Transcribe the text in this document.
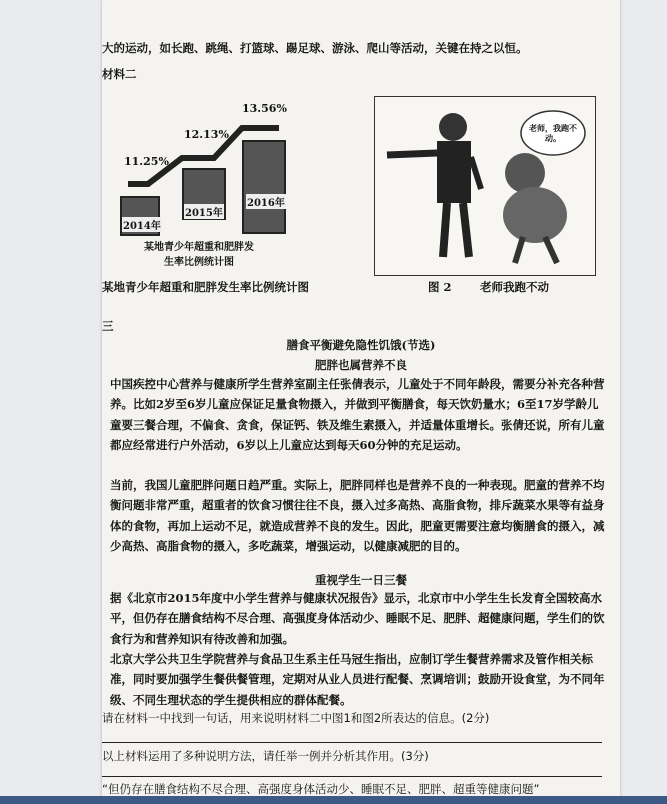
大的运动，如长跑、跳绳、打篮球、踢足球、游泳、爬山等活动，关键在持之以恒。
材料二
2014年
2015年
2016年
11.25%
12.13%
13.56%
某地青少年超重和肥胖发生率比例统计图
某地青少年超重和肥胖发生率比例统计图
老师，我跑不动。
图 2 老师我跑不动
三
膳食平衡避免隐性饥饿(节选)
肥胖也属营养不良
中国疾控中心营养与健康所学生营养室副主任张倩表示，儿童处于不同年龄段，需要分补充各种营养。比如2岁至6岁儿童应保证足量食物摄入，并做到平衡膳食，每天饮奶量水；6至17岁学龄儿童要三餐合理，不偏食、贪食，保证钙、铁及维生素摄入，并适量体重增长。张倩还说，所有儿童都应经常进行户外活动，6岁以上儿童应达到每天60分钟的充足运动。
当前，我国儿童肥胖问题日趋严重。实际上，肥胖同样也是营养不良的一种表现。肥童的营养不均衡问题非常严重，超重者的饮食习惯往往不良，摄入过多高热、高脂食物，排斥蔬菜水果等有益身体的食物，再加上运动不足，就造成营养不良的发生。因此，肥童更需要注意均衡膳食的摄入，减少高热、高脂食物的摄入，多吃蔬菜，增强运动，以健康减肥的目的。
重视学生一日三餐
据《北京市2015年度中小学生营养与健康状况报告》显示，北京市中小学生生长发育全国较高水平，但仍存在膳食结构不尽合理、高强度身体活动少、睡眠不足、肥胖、超健康问题，学生们的饮食行为和营养知识有待改善和加强。
北京大学公共卫生学院营养与食品卫生系主任马冠生指出，应制订学生餐营养需求及管作相关标准，同时要加强学生餐供餐管理，定期对从业人员进行配餐、烹调培训；鼓励开设食堂，为不同年级、不同生理状态的学生提供相应的群体配餐。
请在材料一中找到一句话，用来说明材料二中图1和图2所表达的信息。(2分)
以上材料运用了多种说明方法，请任举一例并分析其作用。(3分)
“但仍存在膳食结构不尽合理、高强度身体活动少、睡眠不足、肥胖、超重等健康问题”
